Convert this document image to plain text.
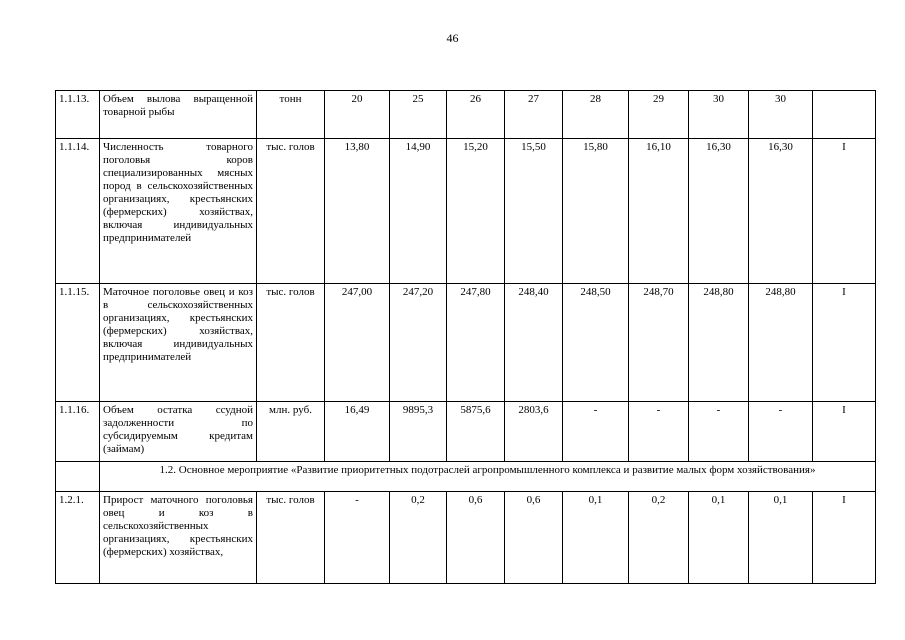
46
1.1.13.	Объем вылова выращенной товарной рыбы	тонн	20	25	26	27	28	29	30	30	
1.1.14.	Численность товарного поголовья коров специализированных мясных пород в сельскохозяйственных организациях, крестьянских (фермерских) хозяйствах, включая индивидуальных предпринимателей	тыс. голов	13,80	14,90	15,20	15,50	15,80	16,10	16,30	16,30	I
1.1.15.	Маточное поголовье овец и коз в сельскохозяйственных организациях, крестьянских (фермерских) хозяйствах, включая индивидуальных предпринимателей	тыс. голов	247,00	247,20	247,80	248,40	248,50	248,70	248,80	248,80	I
1.1.16.	Объем остатка ссудной задолженности по субсидируемым кредитам (займам)	млн. руб.	16,49	9895,3	5875,6	2803,6	-	-	-	-	I
	1.2. Основное мероприятие «Развитие приоритетных подотраслей агропромышленного комплекса и развитие малых форм хозяйствования»										
1.2.1.	Прирост маточного поголовья овец и коз в сельскохозяйственных организациях, крестьянских (фермерских) хозяйствах,	тыс. голов	-	0,2	0,6	0,6	0,1	0,2	0,1	0,1	I
